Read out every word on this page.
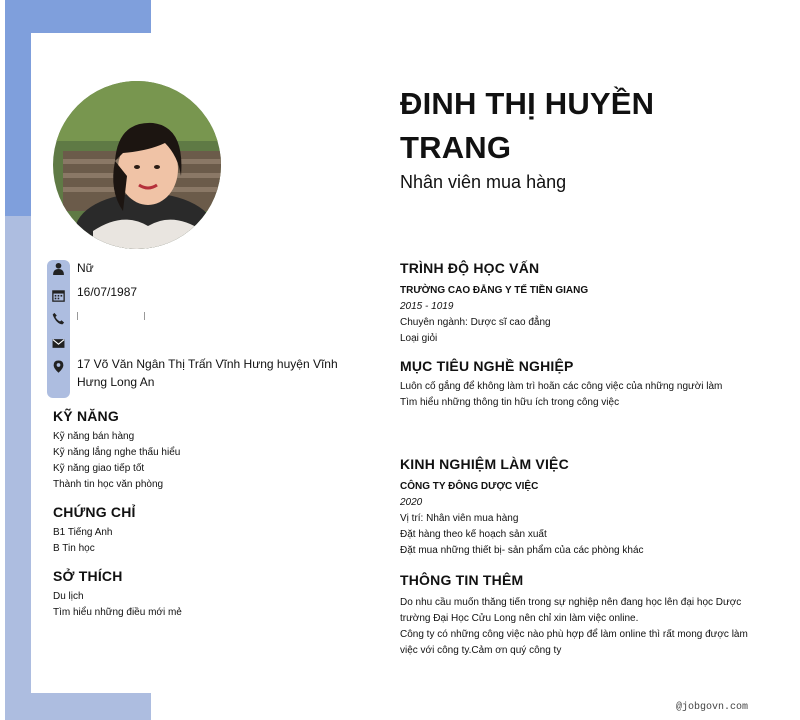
ĐINH THỊ HUYỀN
TRANG
Nhân viên mua hàng
Nữ
16/07/1987
17 Võ Văn Ngân Thị Trấn Vĩnh Hưng huyện Vĩnh Hưng Long An
KỸ NĂNG
Kỹ năng bán hàng
Kỹ năng lắng nghe thấu hiểu
Kỹ năng giao tiếp tốt
Thành tin học văn phòng
CHỨNG CHỈ
B1 Tiếng Anh
B Tin học
SỞ THÍCH
Du lịch
Tìm hiểu những điều mới mẻ
TRÌNH ĐỘ HỌC VẤN
TRƯỜNG CAO ĐẲNG Y TẾ TIỀN GIANG
2015 - 1019
Chuyên ngành: Dược sĩ cao đẳng
Loại giỏi
MỤC TIÊU NGHỀ NGHIỆP
Luôn cố gắng để không làm trì hoãn các công việc của những người làm
Tìm hiểu những thông tin hữu ích trong công việc
KINH NGHIỆM LÀM VIỆC
CÔNG TY ĐÔNG DƯỢC VIỆC
2020
Vị trí: Nhân viên mua hàng
Đặt hàng theo kế hoạch sản xuất
Đặt mua những thiết bị- sản phẩm của các phòng khác
THÔNG TIN THÊM
Do nhu cầu muốn thăng tiến trong sự nghiệp nên đang học lên đại học Dược
trường Đại Học Cửu Long nên chỉ xin làm việc online.
Công ty có những công việc nào phù hợp để làm online thì rất mong được làm
việc với công ty.Cảm ơn quý công ty
@jobgovn.com
